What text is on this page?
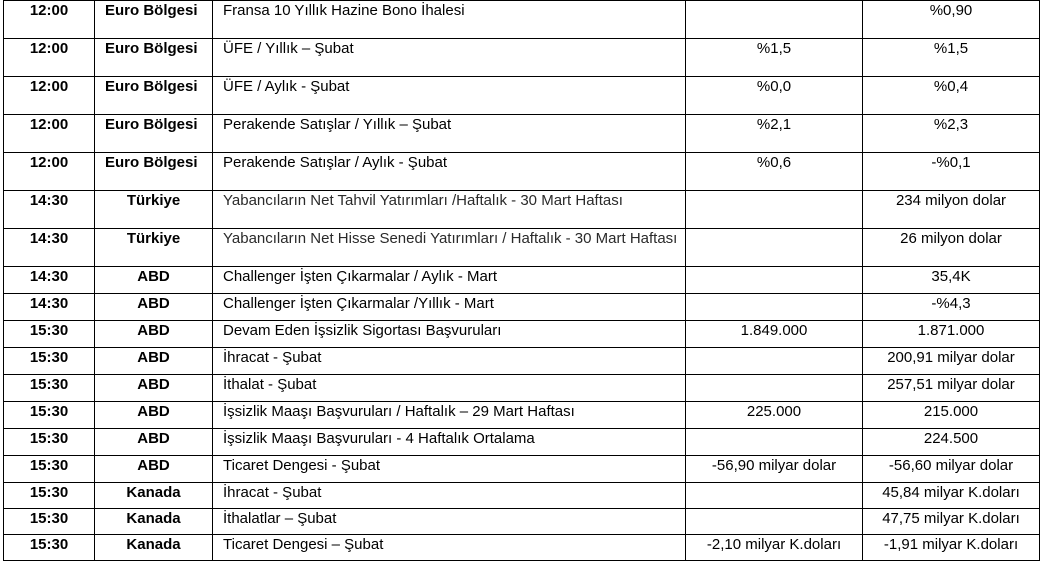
12:00	Euro Bölgesi	Fransa 10 Yıllık Hazine Bono İhalesi		%0,90
12:00	Euro Bölgesi	ÜFE / Yıllık – Şubat	%1,5	%1,5
12:00	Euro Bölgesi	ÜFE / Aylık - Şubat	%0,0	%0,4
12:00	Euro Bölgesi	Perakende Satışlar / Yıllık – Şubat	%2,1	%2,3
12:00	Euro Bölgesi	Perakende Satışlar / Aylık - Şubat	%0,6	-%0,1
14:30	Türkiye	Yabancıların Net Tahvil Yatırımları /Haftalık - 30 Mart Haftası		234 milyon dolar
14:30	Türkiye	Yabancıların Net Hisse Senedi Yatırımları / Haftalık - 30 Mart Haftası		26 milyon dolar
14:30	ABD	Challenger İşten Çıkarmalar / Aylık - Mart		35,4K
14:30	ABD	Challenger İşten Çıkarmalar /Yıllık - Mart		-%4,3
15:30	ABD	Devam Eden İşsizlik Sigortası Başvuruları	1.849.000	1.871.000
15:30	ABD	İhracat - Şubat		200,91 milyar dolar
15:30	ABD	İthalat - Şubat		257,51 milyar dolar
15:30	ABD	İşsizlik Maaşı Başvuruları / Haftalık – 29 Mart Haftası	225.000	215.000
15:30	ABD	İşsizlik Maaşı Başvuruları - 4 Haftalık Ortalama		224.500
15:30	ABD	Ticaret Dengesi - Şubat	-56,90 milyar dolar	-56,60 milyar dolar
15:30	Kanada	İhracat - Şubat		45,84 milyar K.doları
15:30	Kanada	İthalatlar – Şubat		47,75 milyar K.doları
15:30	Kanada	Ticaret Dengesi – Şubat	-2,10 milyar K.doları	-1,91 milyar K.doları
